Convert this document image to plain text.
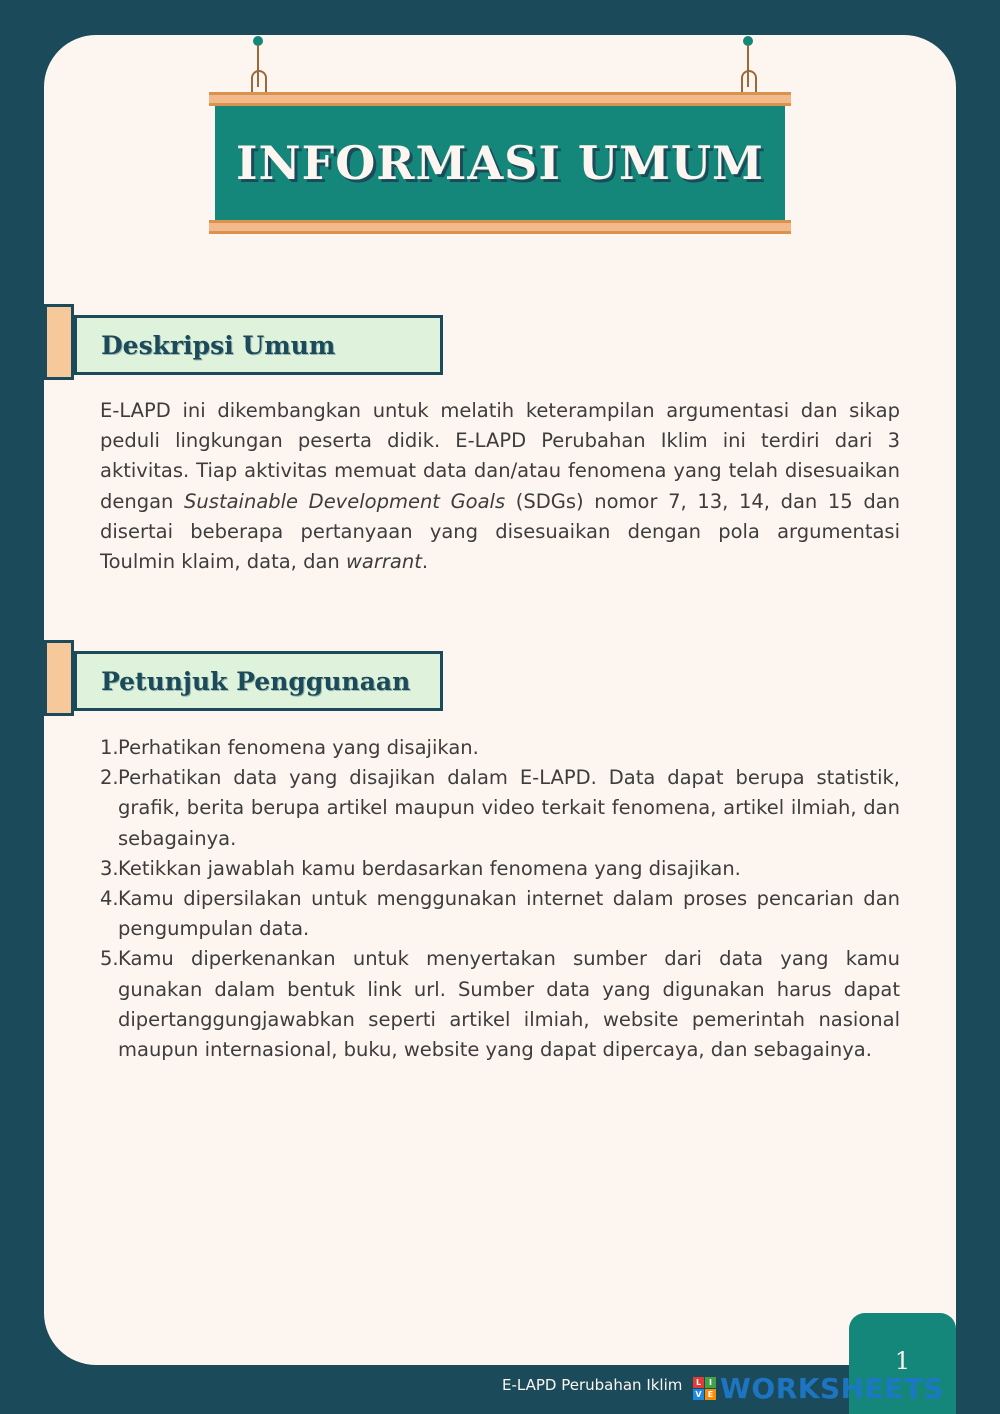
INFORMASI UMUM
Deskripsi Umum

E-LAPD ini dikembangkan untuk melatih keterampilan argumentasi dan sikap peduli lingkungan peserta didik. E-LAPD Perubahan Iklim ini terdiri dari 3 aktivitas. Tiap aktivitas memuat data dan/atau fenomena yang telah disesuaikan dengan Sustainable Development Goals (SDGs) nomor 7, 13, 14, dan 15 dan disertai beberapa pertanyaan yang disesuaikan dengan pola argumentasi Toulmin klaim, data, dan warrant.

Petunjuk Penggunaan
1. Perhatikan fenomena yang disajikan.
2. Perhatikan data yang disajikan dalam E-LAPD. Data dapat berupa statistik, grafik, berita berupa artikel maupun video terkait fenomena, artikel ilmiah, dan sebagainya.
3. Ketikkan jawablah kamu berdasarkan fenomena yang disajikan.
4. Kamu dipersilakan untuk menggunakan internet dalam proses pencarian dan pengumpulan data.
5. Kamu diperkenankan untuk menyertakan sumber dari data yang kamu gunakan dalam bentuk link url. Sumber data yang digunakan harus dapat dipertanggungjawabkan seperti artikel ilmiah, website pemerintah nasional maupun internasional, buku, website yang dapat dipercaya, dan sebagainya.
E-LAPD Perubahan Iklim
1
L I
V E WORKSHEETS
